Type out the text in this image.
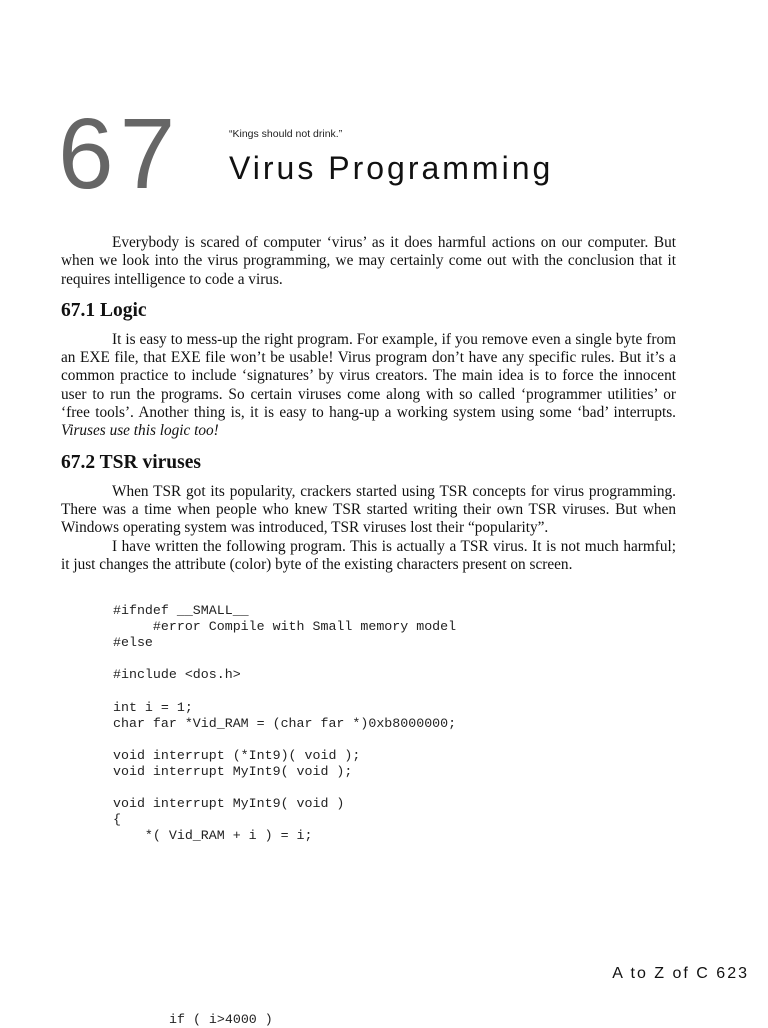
67	“Kings should not drink.”

Virus Programming

Everybody is scared of computer ‘virus’ as it does harmful actions on our computer. But when we look into the virus programming, we may certainly come out with the conclusion that it requires intelligence to code a virus.

67.1 Logic

It is easy to mess-up the right program. For example, if you remove even a single byte from an EXE file, that EXE file won’t be usable! Virus program don’t have any specific rules. But it’s a common practice to include ‘signatures’ by virus creators. The main idea is to force the innocent user to run the programs. So certain viruses come along with so called ‘programmer utilities’ or ‘free tools’. Another thing is, it is easy to hang-up a working system using some ‘bad’ interrupts. Viruses use this logic too!

67.2 TSR viruses

When TSR got its popularity, crackers started using TSR concepts for virus programming. There was a time when people who knew TSR started writing their own TSR viruses. But when Windows operating system was introduced, TSR viruses lost their “popularity”.

I have written the following program. This is actually a TSR virus. It is not much harmful; it just changes the attribute (color) byte of the existing characters present on screen.

#ifndef __SMALL__
#error Compile with Small memory model
#else

#include <dos.h>

int i = 1;
char far *Vid_RAM = (char far *)0xb8000000;

void interrupt (*Int9)( void );
void interrupt MyInt9( void );

void interrupt MyInt9( void )
{
*( Vid_RAM + i ) = i;

A to Z of C 623

if ( i>4000 )
